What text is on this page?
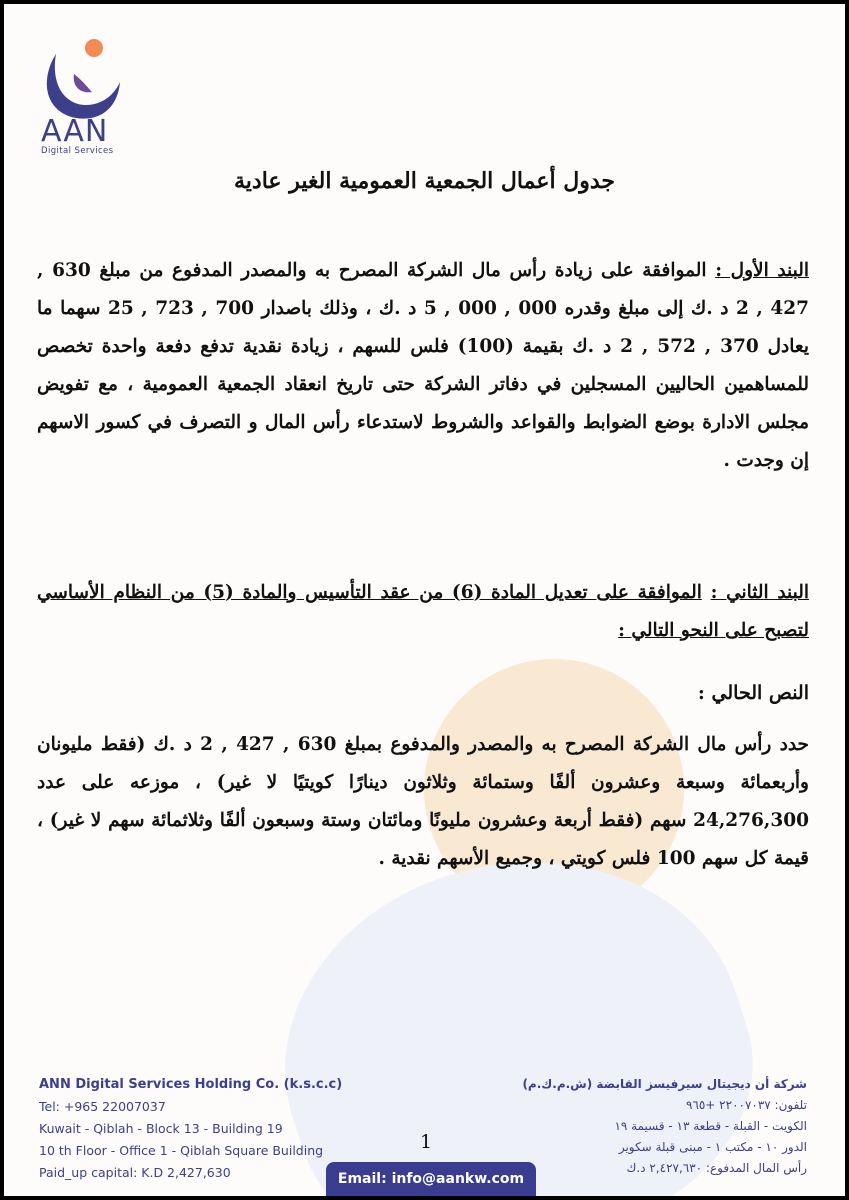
AAN
Digital Services
جدول أعمال الجمعية العمومية الغير عادية
البند الأول : الموافقة على زيادة رأس مال الشركة المصرح به والمصدر المدفوع من مبلغ 630 , 427 , 2 د .ك إلى مبلغ وقدره 000 , 000 , 5 د .ك ، وذلك باصدار 700 , 723 , 25 سهما ما يعادل 370 , 572 , 2 د .ك بقيمة (100) فلس للسهم ، زيادة نقدية تدفع دفعة واحدة تخصص للمساهمين الحاليين المسجلين في دفاتر الشركة حتى تاريخ انعقاد الجمعية العمومية ، مع تفويض مجلس الادارة بوضع الضوابط والقواعد والشروط لاستدعاء رأس المال و التصرف في كسور الاسهم إن وجدت .
البند الثاني : الموافقة على تعديل المادة (6) من عقد التأسيس والمادة (5) من النظام الأساسي لتصبح على النحو التالي :
النص الحالي :
حدد رأس مال الشركة المصرح به والمصدر والمدفوع بمبلغ 630 , 427 , 2 د .ك (فقط مليونان وأربعمائة وسبعة وعشرون ألفًا وستمائة وثلاثون دينارًا كويتيًا لا غير) ، موزعه على عدد 24,276,300 سهم (فقط أربعة وعشرون مليونًا ومائتان وستة وسبعون ألفًا وثلاثمائة سهم لا غير) ، قيمة كل سهم 100 فلس كويتي ، وجميع الأسهم نقدية .
ANN Digital Services Holding Co. (k.s.c.c)
Tel: +965 22007037
Kuwait - Qiblah - Block 13 - Building 19
10 th Floor - Office 1 - Qiblah Square Building
Paid_up capital: K.D 2,427,630
شركة أن ديجيتال سيرفيسز القابضة (ش.م.ك.م)
تلفون: ٢٢٠٠٧٠٣٧ +٩٦٥
الكويت - القبلة - قطعة ١٣ - قسيمة ١٩
الدور ١٠ - مكتب ١ - مبنى قبلة سكوير
رأس المال المدفوع: ٢,٤٢٧,٦٣٠ د.ك
1
Email: info@aankw.com
